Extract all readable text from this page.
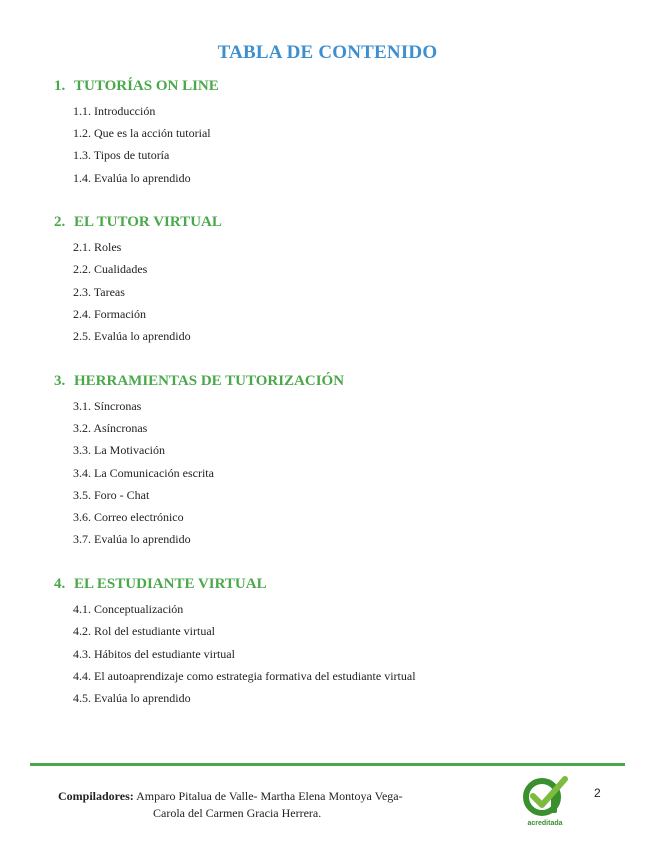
TABLA DE CONTENIDO
1. TUTORÍAS ON LINE
1.1. Introducción
1.2. Que es la acción tutorial
1.3. Tipos de tutoría
1.4. Evalúa lo aprendido
2. EL TUTOR VIRTUAL
2.1. Roles
2.2. Cualidades
2.3. Tareas
2.4. Formación
2.5. Evalúa lo aprendido
3. HERRAMIENTAS DE TUTORIZACIÓN
3.1. Síncronas
3.2. Asíncronas
3.3. La Motivación
3.4. La Comunicación escrita
3.5. Foro - Chat
3.6. Correo electrónico
3.7. Evalúa lo aprendido
4. EL ESTUDIANTE VIRTUAL
4.1. Conceptualización
4.2. Rol del estudiante virtual
4.3. Hábitos del estudiante virtual
4.4. El autoaprendizaje como estrategia formativa del estudiante virtual
4.5. Evalúa lo aprendido
Compiladores: Amparo Pitalua de Valle- Martha Elena Montoya Vega-
Carola del Carmen Gracia Herrera.
acreditada
2
